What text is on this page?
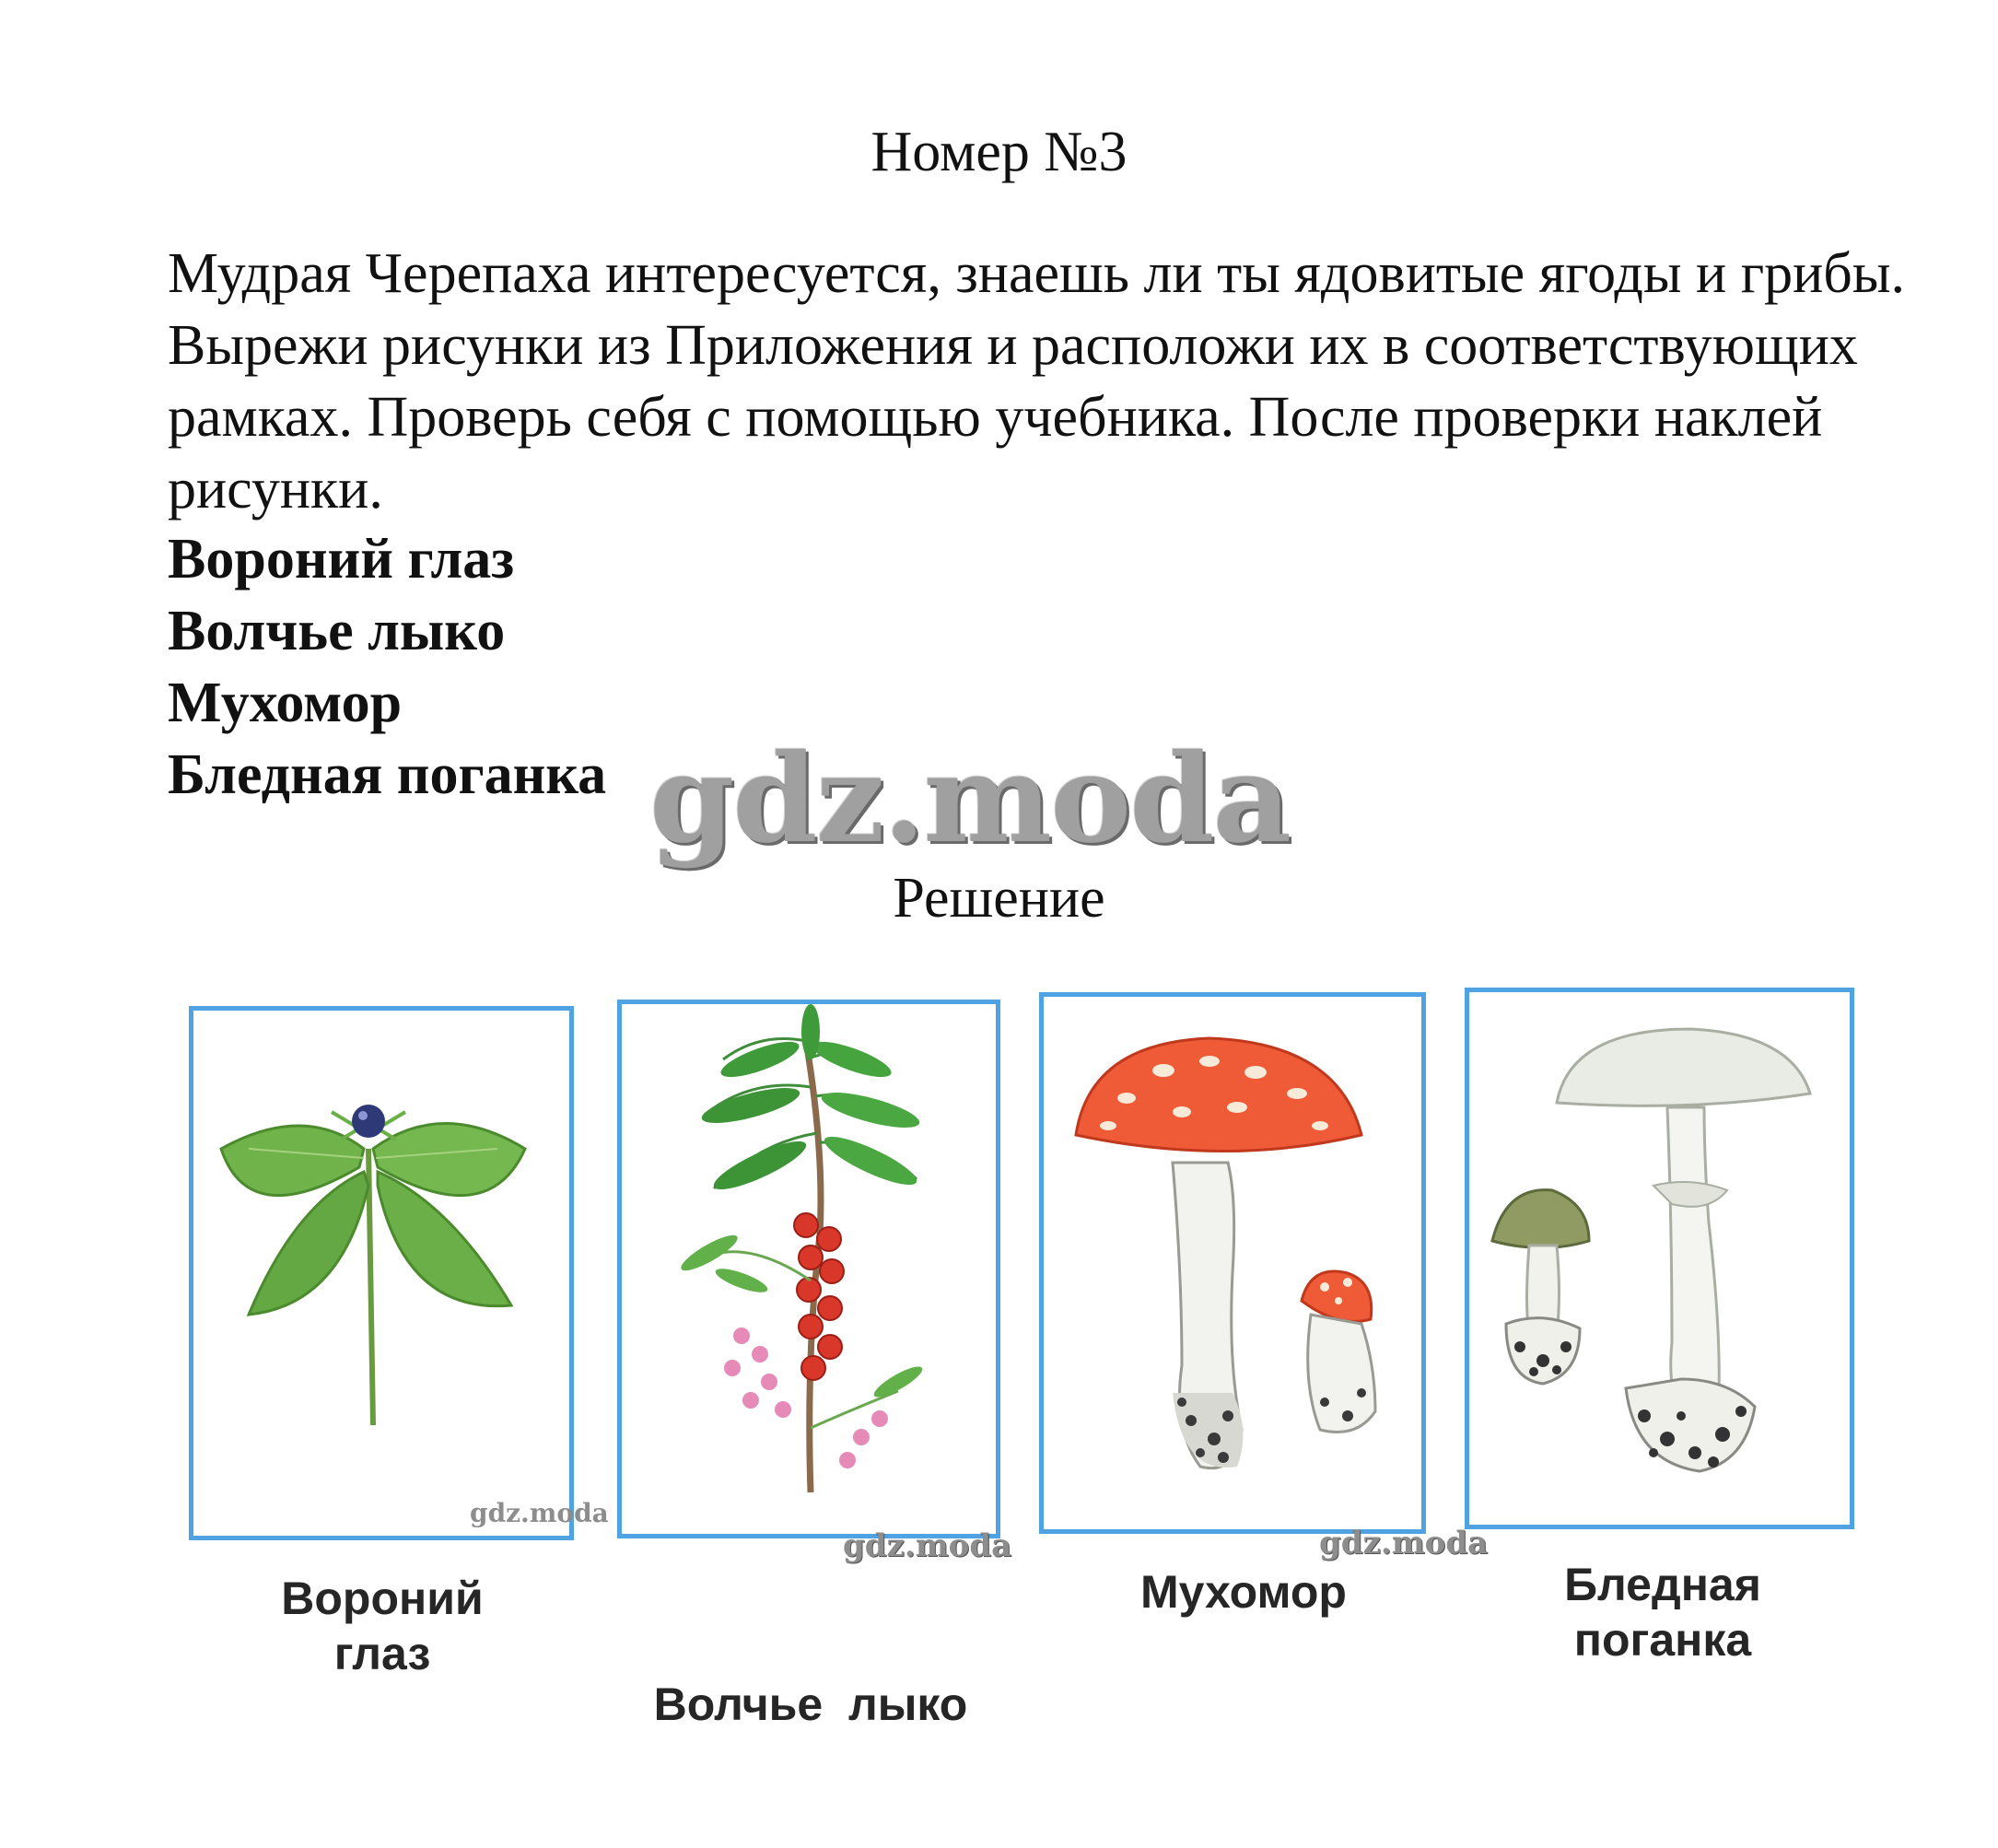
Номер №3
Мудрая Черепаха интересуется, знаешь ли ты ядовитые ягоды и грибы. Вырежи рисунки из Приложения и расположи их в соответствующих рамках. Проверь себя с помощью учебника. После проверки наклей рисунки.
Вороний глаз
Волчье лыко
Мухомор
Бледная поганка gdz.moda
Решение
gdz.moda
gdz.moda	gdz.moda
Вороний
глаз

Волчье  лыко

Мухомор	Бледная
поганка
